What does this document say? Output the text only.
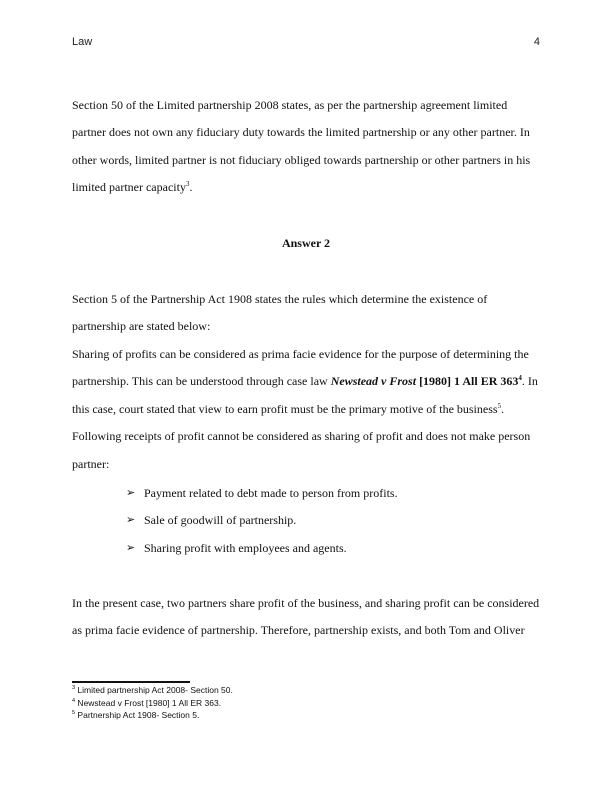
Law	4

Section 50 of the Limited partnership 2008 states, as per the partnership agreement limited partner does not own any fiduciary duty towards the limited partnership or any other partner. In other words, limited partner is not fiduciary obliged towards partnership or other partners in his limited partner capacity$^3$.

Answer 2

Section 5 of the Partnership Act 1908 states the rules which determine the existence of partnership are stated below:

Sharing of profits can be considered as prima facie evidence for the purpose of determining the partnership. This can be understood through case law Newstead v Frost [1980] 1 All ER $363^4$. In this case, court stated that view to earn profit must be the primary motive of the business$^5$.
Following receipts of profit cannot be considered as sharing of profit and does not make person partner:

➢ Payment related to debt made to person from profits.
➢ Sale of goodwill of partnership.
➢ Sharing profit with employees and agents.

In the present case, two partners share profit of the business, and sharing profit can be considered as prima facie evidence of partnership. Therefore, partnership exists, and both Tom and Oliver

$^3$ Limited partnership Act 2008- Section 50.
$^4$ Newstead v Frost [1980] 1 All ER 363.
$^5$ Partnership Act 1908- Section 5.
